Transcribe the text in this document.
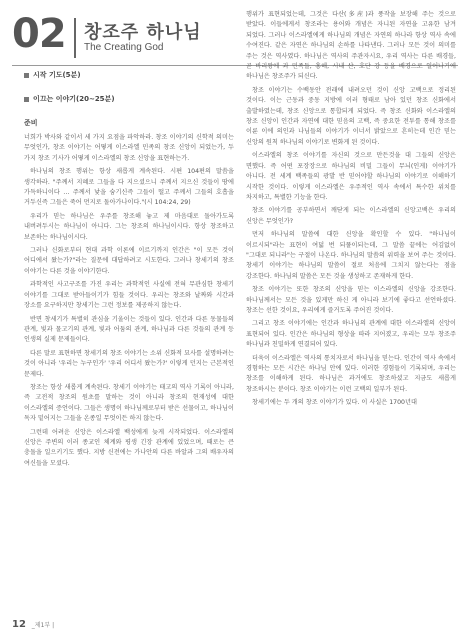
02 창조주 하나님
The Creating God
시작 기도(5분)
이끄는 이야기(20~25분)
준비

너희가 박사와 같이서 세 가지 요점을 파악하라. 창조 이야기의 신학적 의미는 무엇인가, 창조 이야기는 어떻게 이스라엘 민족의 창조 신앙이 되었는가, 두 가지 창조 기사가 어떻게 이스라엘의 창조 신앙을 표현하는가.

하나님의 창조 행위는 항상 새롭게 계속된다. 시편 104편의 말씀을 생각하라. "주께서 지혜로 그들을 다 지으셨으니 주께서 지으신 것들이 땅에 가득하니이다 … 주께서 낯을 숨기신즉 그들이 떨고 주께서 그들의 호흡을 거두신즉 그들은 죽어 먼지로 돌아가나이다."(시 104:24, 29)

우리가 믿는 하나님은 우주를 창조해 놓고 제 마음대로 돌아가도록 내버려두시는 하나님이 아니다. 그는 창조의 하나님이시다. 항상 창조하고 보존하는 하나님이시다.

그러나 신화로부터 현대 과학 이론에 이르기까지 인간은 "이 모든 것이 어디에서 왔는가?"라는 질문에 대답하려고 시도한다. 그러나 창세기의 창조 이야기는 다른 것을 이야기한다.

과학적인 사고구조를 가진 우리는 과학적인 사실에 전혀 무관심한 창세기 이야기를 그대로 받아들이기가 힘들 것이다. 우리는 창조와 날짜와 시간과 장소를 요구하지만 창세기는 그런 정보를 제공하지 않는다.

반면 창세기가 특별히 관심을 기울이는 것들이 있다. 인간과 다른 동물들의 관계, 빛과 물고기의 관계, 빛과 어둠의 관계, 하나님과 다른 것들의 관계 등 인생의 실제 문제들이다.

다른 말로 표현하면 창세기의 창조 이야기는 소위 신화적 묘사를 설명하려는 것이 아니라 '우리는 누구인가' '우리 어디서 왔는가?' 이렇게 던지는 근본적인 문제다.

창조는 항상 새롭게 계속된다. 창세기 이야기는 태고의 역사 기록이 아니라, 즉 고전적 창조의 원초를 말하는 것이 아니라 창조의 현재성에 대한 이스라엘의 증언이다. 그들은 생명이 하나님께로부터 받은 선물이고, 하나님이 독자 밑어지는 그들을 온종일 무엇이든 하지 않는다.

그런데 어려운 신앙은 이스라엘 백성에게 늦게 시작되었다. 이스라엘의 신앙은 주변의 이러 종교인 체계와 평생 긴장 관계에 있었으며, 때로는 큰 충돌을 일으키기도 했다. 지방 신전에는 가나안의 다른 바알과 그의 배우자의 여신들을 모셨다.

행위가 표현되었는데, 그것은 다산(多産)과 풍작을 보장해 주는 것으로 받았다. 이들에게서 창조라는 용어와 개념은 자니된 자연을 고유한 남겨 되었다. 그러나 이스라엘에게 하나님의 개념은 자연의 하나라 항상 역사 속에 수여진다. 같은 자연은 하나님의 손하를 나타낸다. 그러나 모든 것이 의미를 주는 것은 역사였다. 하나님은 역사의 주관자시요, 우리 역사는 다른 배경들, 곧 바리왕에 과 민족들, 홍해, 시내 산, 호단 강 등을 배경으로 일어나기에 하나님은 창조주가 되신다.

창조 이야기는 수백동안 전래에 내려오던 것이 신앙 고백으로 정리된 것이다. 이는 근동과 중동 지방에 이러 형태로 남아 있던 창조 신화에서 출발하였는데, 창조 신앙으로 통합되게 되었다. 즉 창조 신화와 이스라엘의 창조 신앙이 인간과 자연에 대한 믿음의 고백, 즉 중요한 전투를 통해 창조를 이룬 이에 의인과 나님들의 이야기가 이너서 밝았으로 흔히는데 인간 믿는 신앙의 원칙 하나님의 이야기로 변화게 된 것이다.

이스라엘의 창조 이야기를 자신의 것으로 만든것을 대 그들의 신앙은 면했다. 즉 어떤 포장장으로 하나님의 비밀 그들이 무늬(인게) 이야기가 아니다. 전 세계 백족들의 광발 반 믿어야할 하나님의 이야기로 이해하기 시작한 것이다. 이렇게 이스라엘은 우주적인 역사 속에서 특수한 위치를 차지하고, 특별한 기능을 한다.

창조 이야기를 공부하면서 깨닫게 되는 이스라엘의 신앙고백은 우리의 신앙은 무엇인가?

먼저 하나님의 말씀에 대한 신앙을 확인할 수 있다. "하나님이 이르시되"라는 표현이 여덟 번 되풀이되는데, 그 말씀 끝에는 어김없이 "그대로 되니라"는 구절이 나온다. 하나님의 말씀의 위력을 보여 주는 것이다. 창세기 이야기는 하나님의 말씀이 절로 처음에 그치지 않는다는 점을 강조한다. 하나님의 말씀은 모든 것을 생성하고 존재하게 한다.

창조 이야기는 또한 창조의 신앙을 믿는 이스라엘의 신앙을 강조한다. 하나님께서는 모든 것을 있게만 하신 게 아니라 보기에 좋다고 선언하셨다. 창조는 선한 것이요, 우리에게 즐거도록 주어진 것이다.

그리고 창조 이야기에는 인간과 하나님의 관계에 대한 이스라엘의 신앙이 표현되어 있다. 인간은 하나님의 형상을 따라 지어졌고, 우리는 모두 창조주 하나님과 친밀하게 연결되어 있다.

더욱이 이스라엘은 역사의 통치자로서 하나님을 믿는다. 인간이 역사 속에서 경험하는 모든 시간은 하나님 안에 있다. 이러한 경험들이 기록되며, 우리는 창조를 이해하게 된다. 하나님은 과거에도 창조하셨고 지금도 새롭게 창조하시는 분이다. 창조 이야기는 이런 고백의 일부가 된다.

창세기에는 두 개의 창조 이야기가 있다. 이 사실은 1700년대

12 _제1부 |
